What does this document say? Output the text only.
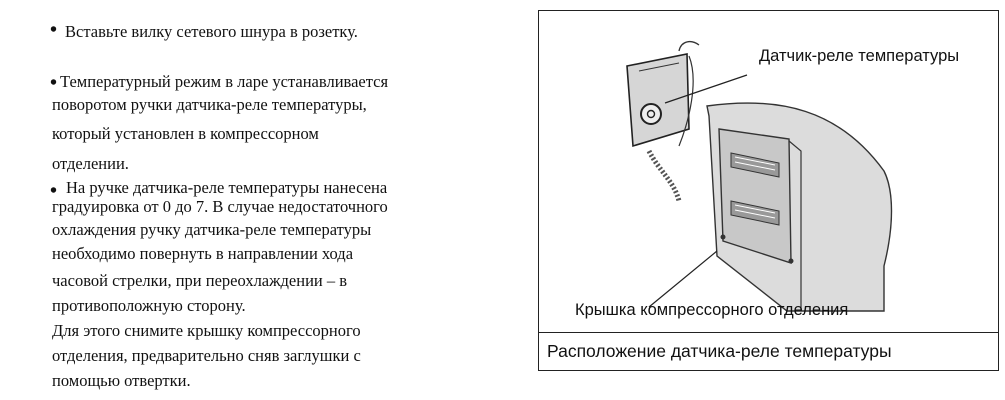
• Вставьте вилку сетевого шнура в розетку.
• Температурный режим в ларе устанавливается
поворотом ручки датчика-реле температуры,
который установлен в компрессорном
отделении.
• На ручке датчика-реле температуры нанесена
градуировка от 0 до 7. В случае недостаточного
охлаждения ручку датчика-реле температуры
необходимо повернуть в направлении хода
часовой стрелки, при переохлаждении – в
противоположную сторону.
Для этого снимите крышку компрессорного
отделения, предварительно сняв заглушки с
помощью отвертки.
Датчик-реле температуры
Крышка компрессорного отделения
Расположение датчика-реле температуры
